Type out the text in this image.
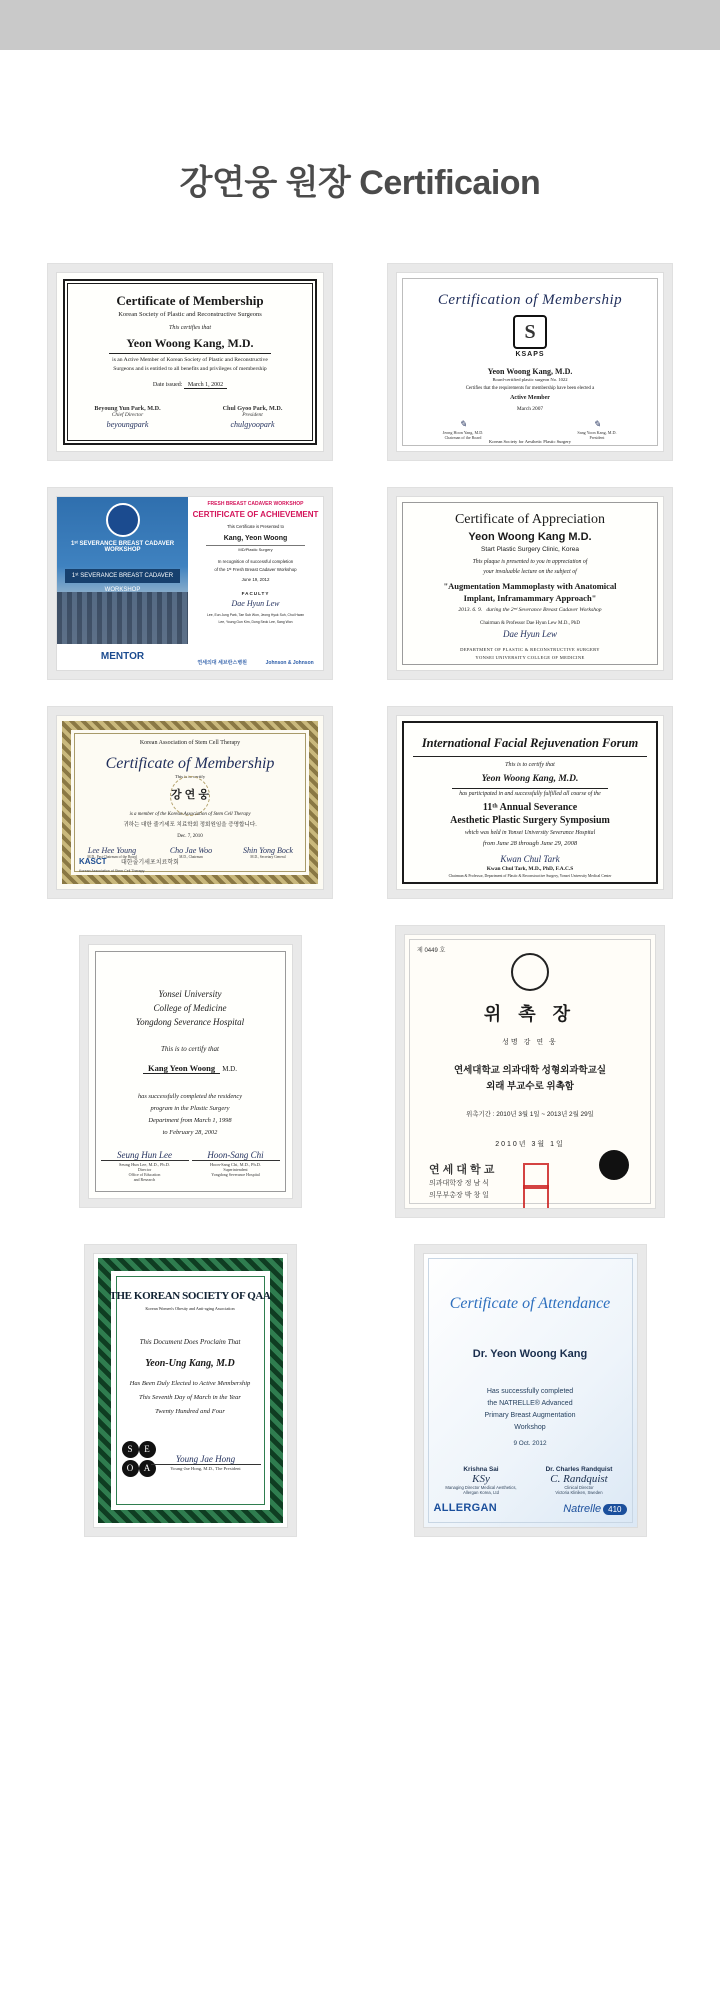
강연웅 원장 Certificaion
Certificate of Membership
Korean Society of Plastic and Reconstructive Surgeons
This certifies that
Yeon Woong Kang, M.D.
is an Active Member of Korean Society of Plastic and Reconstructive
Surgeons and is entitled to all benefits and privileges of membership
Date issued: March 1, 2002
Beyoung Yun Park, M.D.
Chief Director
beyoungpark
Chul Gyoo Park, M.D.
President
chulgyoopark
Certification of Membership
S
KSAPS
Yeon Woong Kang, M.D.
Board-certified plastic surgeon No. 1022
Certifies that the requirements for membership have been elected a
Active Member
March 2007
✎
Jeong Hoon Yang, M.D.
Chairman of the Board
✎
Sang Yoon Kang, M.D.
President
Korean Society for Aesthetic Plastic Surgery
1ˢᵗ SEVERANCE BREAST CADAVER WORKSHOP
1ˢᵗ SEVERANCE BREAST CADAVER WORKSHOP
MENTOR
FRESH BREAST CADAVER WORKSHOP
CERTIFICATE OF ACHIEVEMENT
This Certificate is Presented to
Kang, Yeon Woong
MD/Plastic Surgery
In recognition of successful completion
of the 1ˢᵗ Fresh Breast Cadaver Workshop
June 19, 2012
FACULTY
Dae Hyun Lew
Lee, Eun Jung Park, Tae Sub Won, Jeong Hyuk Suh, Chul Hwan
Lee, Young Gun Kim, Dong Seok Lee, Sang Won
연세의대 세브란스병원	Johnson & Johnson
Certificate of Appreciation
Yeon Woong Kang M.D.
Start Plastic Surgery Clinic, Korea
This plaque is presented to you in appreciation of
your invaluable lecture on the subject of
"Augmentation Mammoplasty with Anatomical
Implant, Inframammary Approach"
2013. 6. 9. during the 2ⁿᵈ Severance Breast Cadaver Workshop
Chairman & Professor Dae Hyun Lew M.D., PhD
Dae Hyun Lew
DEPARTMENT OF PLASTIC & RECONSTRUCTIVE SURGERY
YONSEI UNIVERSITY COLLEGE OF MEDICINE
Korean Association of Stem Cell Therapy
Certificate of Membership
This is to certify
강 연 웅
is a member of the Korean Association of Stem Cell Therapy
귀하는 대한 줄기세포 치료학회 정회원임을 증명합니다.
Dec. 7, 2010
Lee Hee Young
M.D., Past Chairman of the Board
Cho Jae Woo
M.D., Chairman
Shin Yong Bock
M.D., Secretary General
KASCT 대한줄기세포치료학회
Korean Association of Stem Cell Therapy
International Facial Rejuvenation Forum
This is to certify that
Yeon Woong Kang, M.D.
has participated in and successfully fulfilled all course of the
11ᵗʰ Annual Severance
Aesthetic Plastic Surgery Symposium
which was held in Yonsei University Severance Hospital
from June 28 through June 29, 2008
Kwan Chul Tark
Kwan Chul Tark, M.D., PhD, F.A.C.S
Chairman & Professor, Department of Plastic & Reconstructive Surgery, Yonsei University Medical Center
Yonsei University
College of Medicine
Yongdong Severance Hospital
This is to certify that
Kang Yeon Woong M.D.
has successfully completed the residency
program in the Plastic Surgery
Department from March 1, 1998
to February 28, 2002
Seung Hun Lee
Seung Hun Lee, M.D., Ph.D.
Director
Office of Education
and Research
Hoon-Sang Chi
Hoon-Sang Chi, M.D., Ph.D.
Superintendent
Yongdong Severance Hospital
제 0449 호
위 촉 장
성명 강 연 웅
연세대학교 의과대학 성형외과학교실
외래 부교수로 위촉함
위촉기간 : 2010년 3월 1일 ~ 2013년 2월 29일
2010년 3월 1일
연 세 대 학 교
의과대학장 정 남 식
의무부총장 박 창 일
THE KOREAN SOCIETY OF QAA
Korean Women's Obesity and Anti-aging Association
This Document Does Proclaim That
Yeon-Ung Kang, M.D
Has Been Duly Elected to Active Membership
This Seventh Day of March in the Year
Twenty Hundred and Four
S E
O A
Young Jae Hong
Young-Jae Hong, M.D., The President
Certificate of Attendance
Dr. Yeon Woong Kang
Has successfully completed
the NATRELLE® Advanced
Primary Breast Augmentation
Workshop
9 Oct. 2012
Krishna Sai
KSy
Managing Director Medical Aesthetics,
Allergan Korea, Ltd
Dr. Charles Randquist
C. Randquist
Clinical Director
Victoria Kliniken, Sweden
ALLERGAN	Natrelle 410
